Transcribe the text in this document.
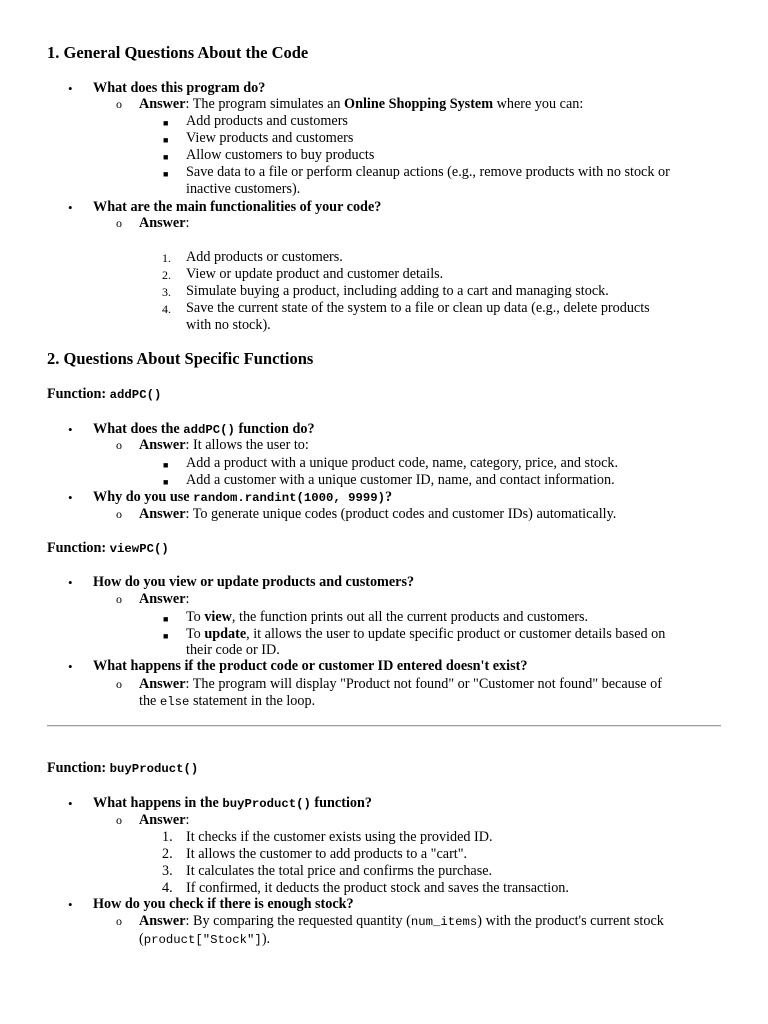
1. General Questions About the Code
• What does this program do?
o Answer: The program simulates an Online Shopping System where you can:
■ Add products and customers
■ View products and customers
■ Allow customers to buy products
■ Save data to a file or perform cleanup actions (e.g., remove products with no stock or
inactive customers).
• What are the main functionalities of your code?
o Answer:
1. Add products or customers.
2. View or update product and customer details.
3. Simulate buying a product, including adding to a cart and managing stock.
4. Save the current state of the system to a file or clean up data (e.g., delete products
with no stock).
2. Questions About Specific Functions
Function: addPC()
• What does the addPC() function do?
o Answer: It allows the user to:
■ Add a product with a unique product code, name, category, price, and stock.
■ Add a customer with a unique customer ID, name, and contact information.
• Why do you use random.randint(1000, 9999)?
o Answer: To generate unique codes (product codes and customer IDs) automatically.
Function: viewPC()
• How do you view or update products and customers?
o Answer:
■ To view, the function prints out all the current products and customers.
■ To update, it allows the user to update specific product or customer details based on
their code or ID.
• What happens if the product code or customer ID entered doesn't exist?
o Answer: The program will display "Product not found" or "Customer not found" because of
the else statement in the loop.
Function: buyProduct()
• What happens in the buyProduct() function?
o Answer:
1. It checks if the customer exists using the provided ID.
2. It allows the customer to add products to a "cart".
3. It calculates the total price and confirms the purchase.
4. If confirmed, it deducts the product stock and saves the transaction.
• How do you check if there is enough stock?
o Answer: By comparing the requested quantity (num_items) with the product's current stock
(product["Stock"]).
